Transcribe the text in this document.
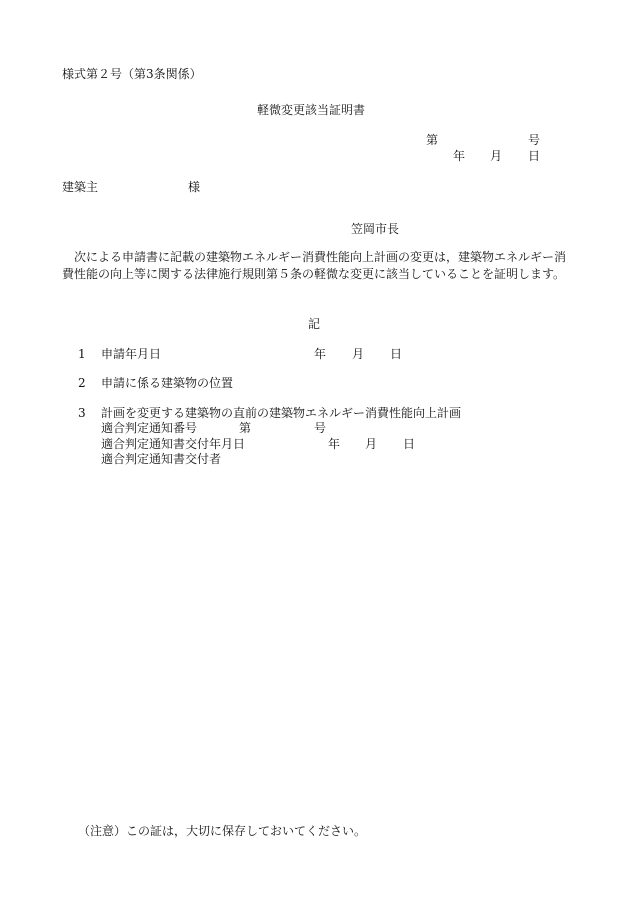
様式第２号（第3条関係）
軽微変更該当証明書
第	号
年 月 日
建築主	様
笠岡市長
次による申請書に記載の建築物エネルギー消費性能向上計画の変更は，建築物エネルギー消費性能の向上等に関する法律施行規則第５条の軽微な変更に該当していることを証明します。
記
1 申請年月日	年 月 日
2 申請に係る建築物の位置
3 計画を変更する建築物の直前の建築物エネルギー消費性能向上計画
適合判定通知番号	第	号
適合判定通知書交付年月日	年 月 日
適合判定通知書交付者
（注意）この証は，大切に保存しておいてください。
